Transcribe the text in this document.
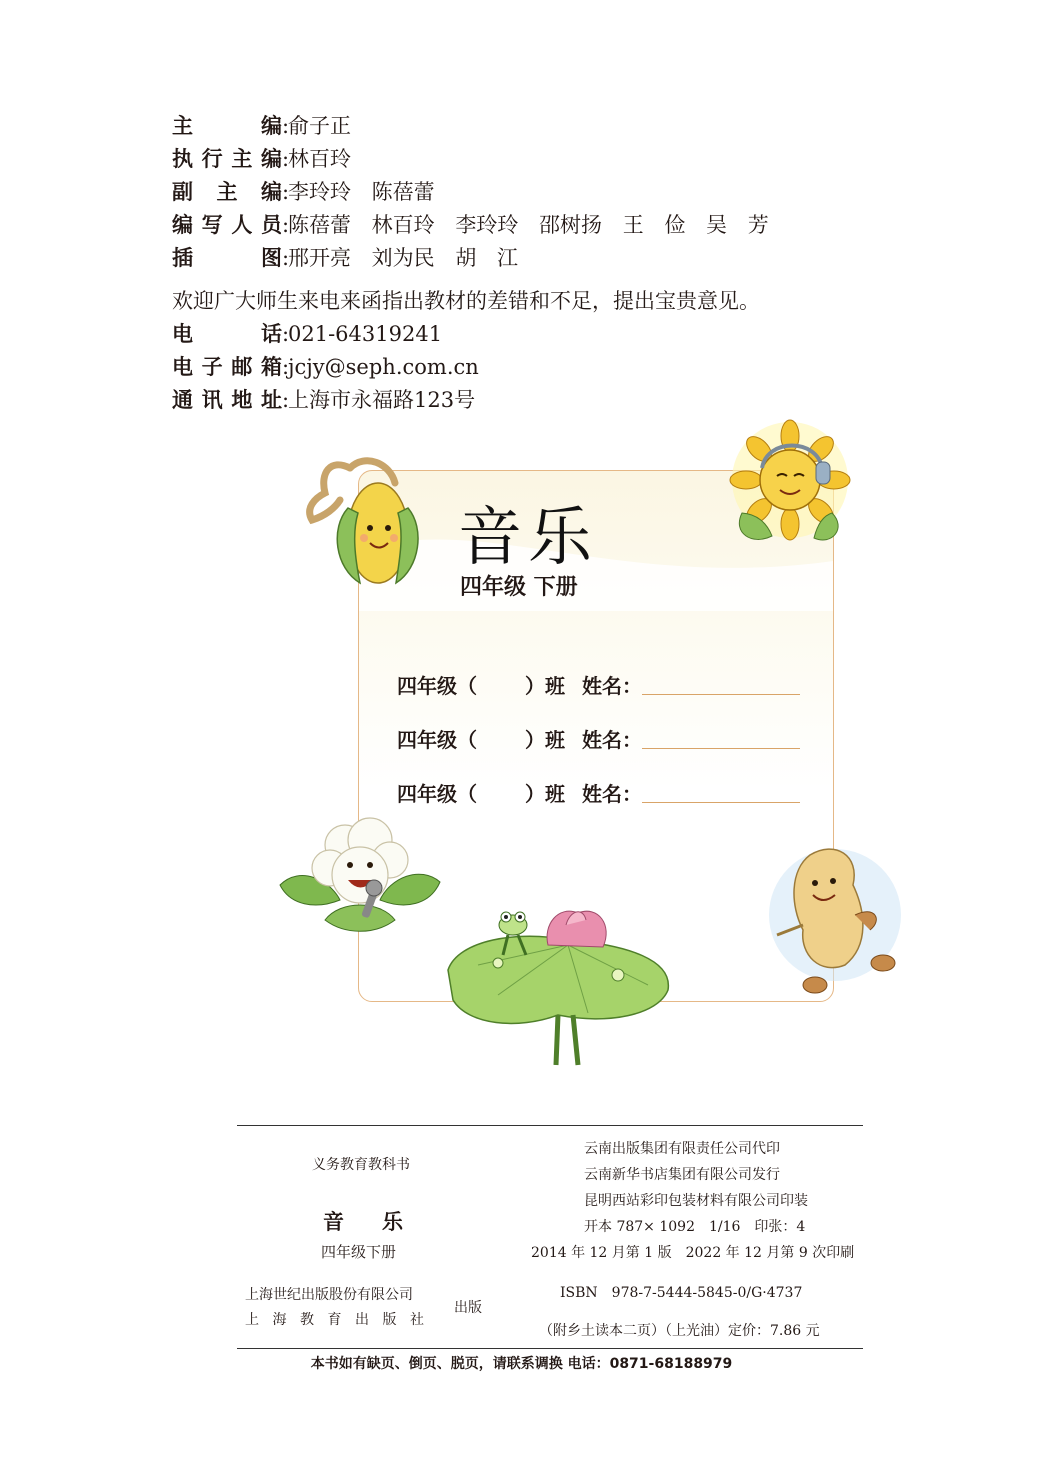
主编:俞子正
执行主编:林百玲
副主编:李玲玲 陈蓓蕾
编写人员:陈蓓蕾 林百玲 李玲玲 邵树扬 王 俭 吴 芳
插图:邢开亮 刘为民 胡 江
欢迎广大师生来电来函指出教材的差错和不足，提出宝贵意见。
电话:021-64319241
电子邮箱:jcjy@seph.com.cn
通讯地址:上海市永福路123号
音乐
四年级 下册
四年级（ ）班 姓名：
四年级（ ）班 姓名：
四年级（ ）班 姓名：
义务教育教科书
音乐
四年级下册
上海世纪出版股份有限公司
上海教育出版社
出版
云南出版集团有限责任公司代印
云南新华书店集团有限公司发行
昆明西站彩印包装材料有限公司印装
开本 787× 1092　1/16　印张：4
2014 年 12 月第 1 版　2022 年 12 月第 9 次印刷
ISBN　978-7-5444-5845-0/G·4737
（附乡土读本二页）（上光油）定价：7.86 元
本书如有缺页、倒页、脱页，请联系调换 电话：0871-68188979
